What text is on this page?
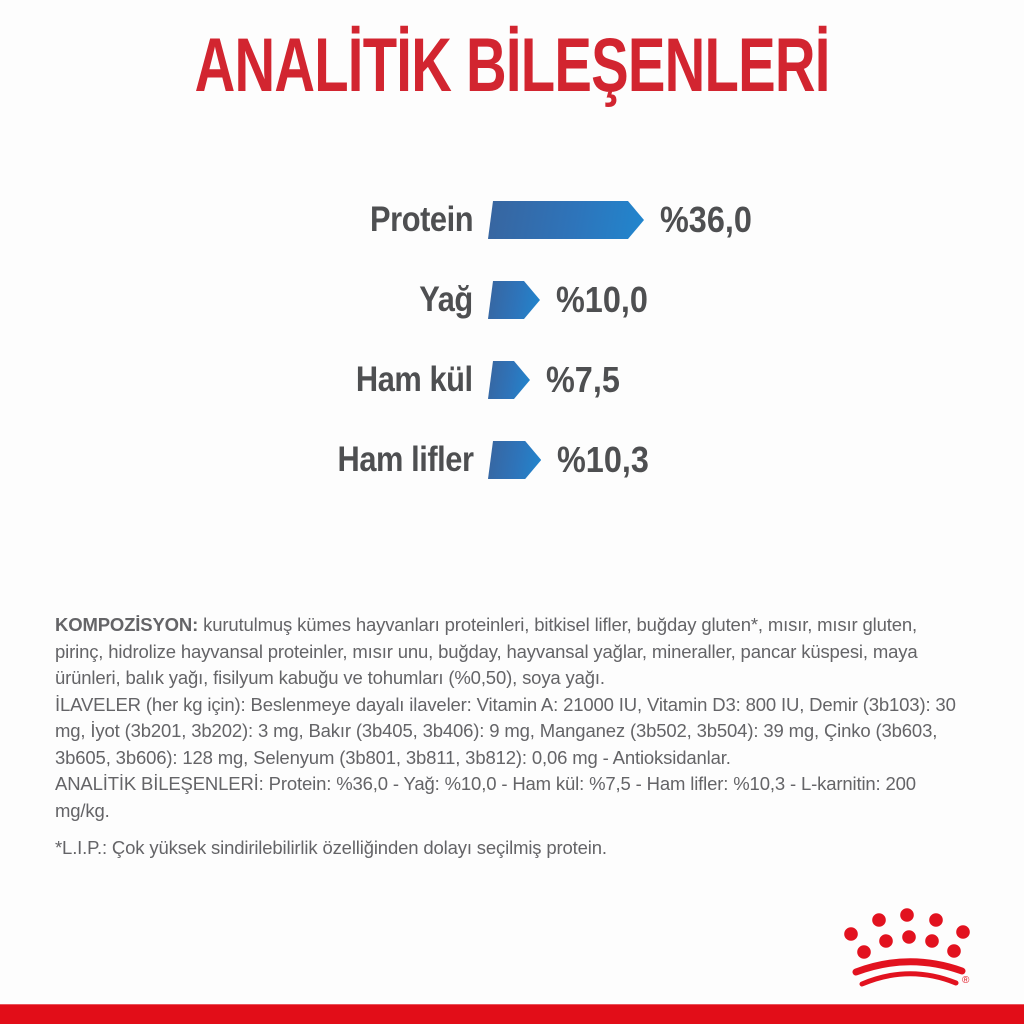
ANALİTİK BİLEŞENLERİ
Protein	%36,0
Yağ %10,0
Ham kül %7,5
Ham lifler %10,3

KOMPOZİSYON: kurutulmuş kümes hayvanları proteinleri, bitkisel lifler, buğday gluten*, mısır, mısır gluten, pirinç, hidrolize hayvansal proteinler, mısır unu, buğday, hayvansal yağlar, mineraller, pancar küspesi, maya ürünleri, balık yağı, fisilyum kabuğu ve tohumları (%0,50), soya yağı.

İLAVELER (her kg için): Beslenmeye dayalı ilaveler: Vitamin A: 21000 IU, Vitamin D3: 800 IU, Demir (3b103): 30 mg, İyot (3b201, 3b202): 3 mg, Bakır (3b405, 3b406): 9 mg, Manganez (3b502, 3b504): 39 mg, Çinko (3b603, 3b605, 3b606): 128 mg, Selenyum (3b801, 3b811, 3b812): 0,06 mg - Antioksidanlar.

ANALİTİK BİLEŞENLERİ: Protein: %36,0 - Yağ: %10,0 - Ham kül: %7,5 - Ham lifler: %10,3 - L-karnitin: 200 mg/kg.

*L.I.P.: Çok yüksek sindirilebilirlik özelliğinden dolayı seçilmiş protein.

®
